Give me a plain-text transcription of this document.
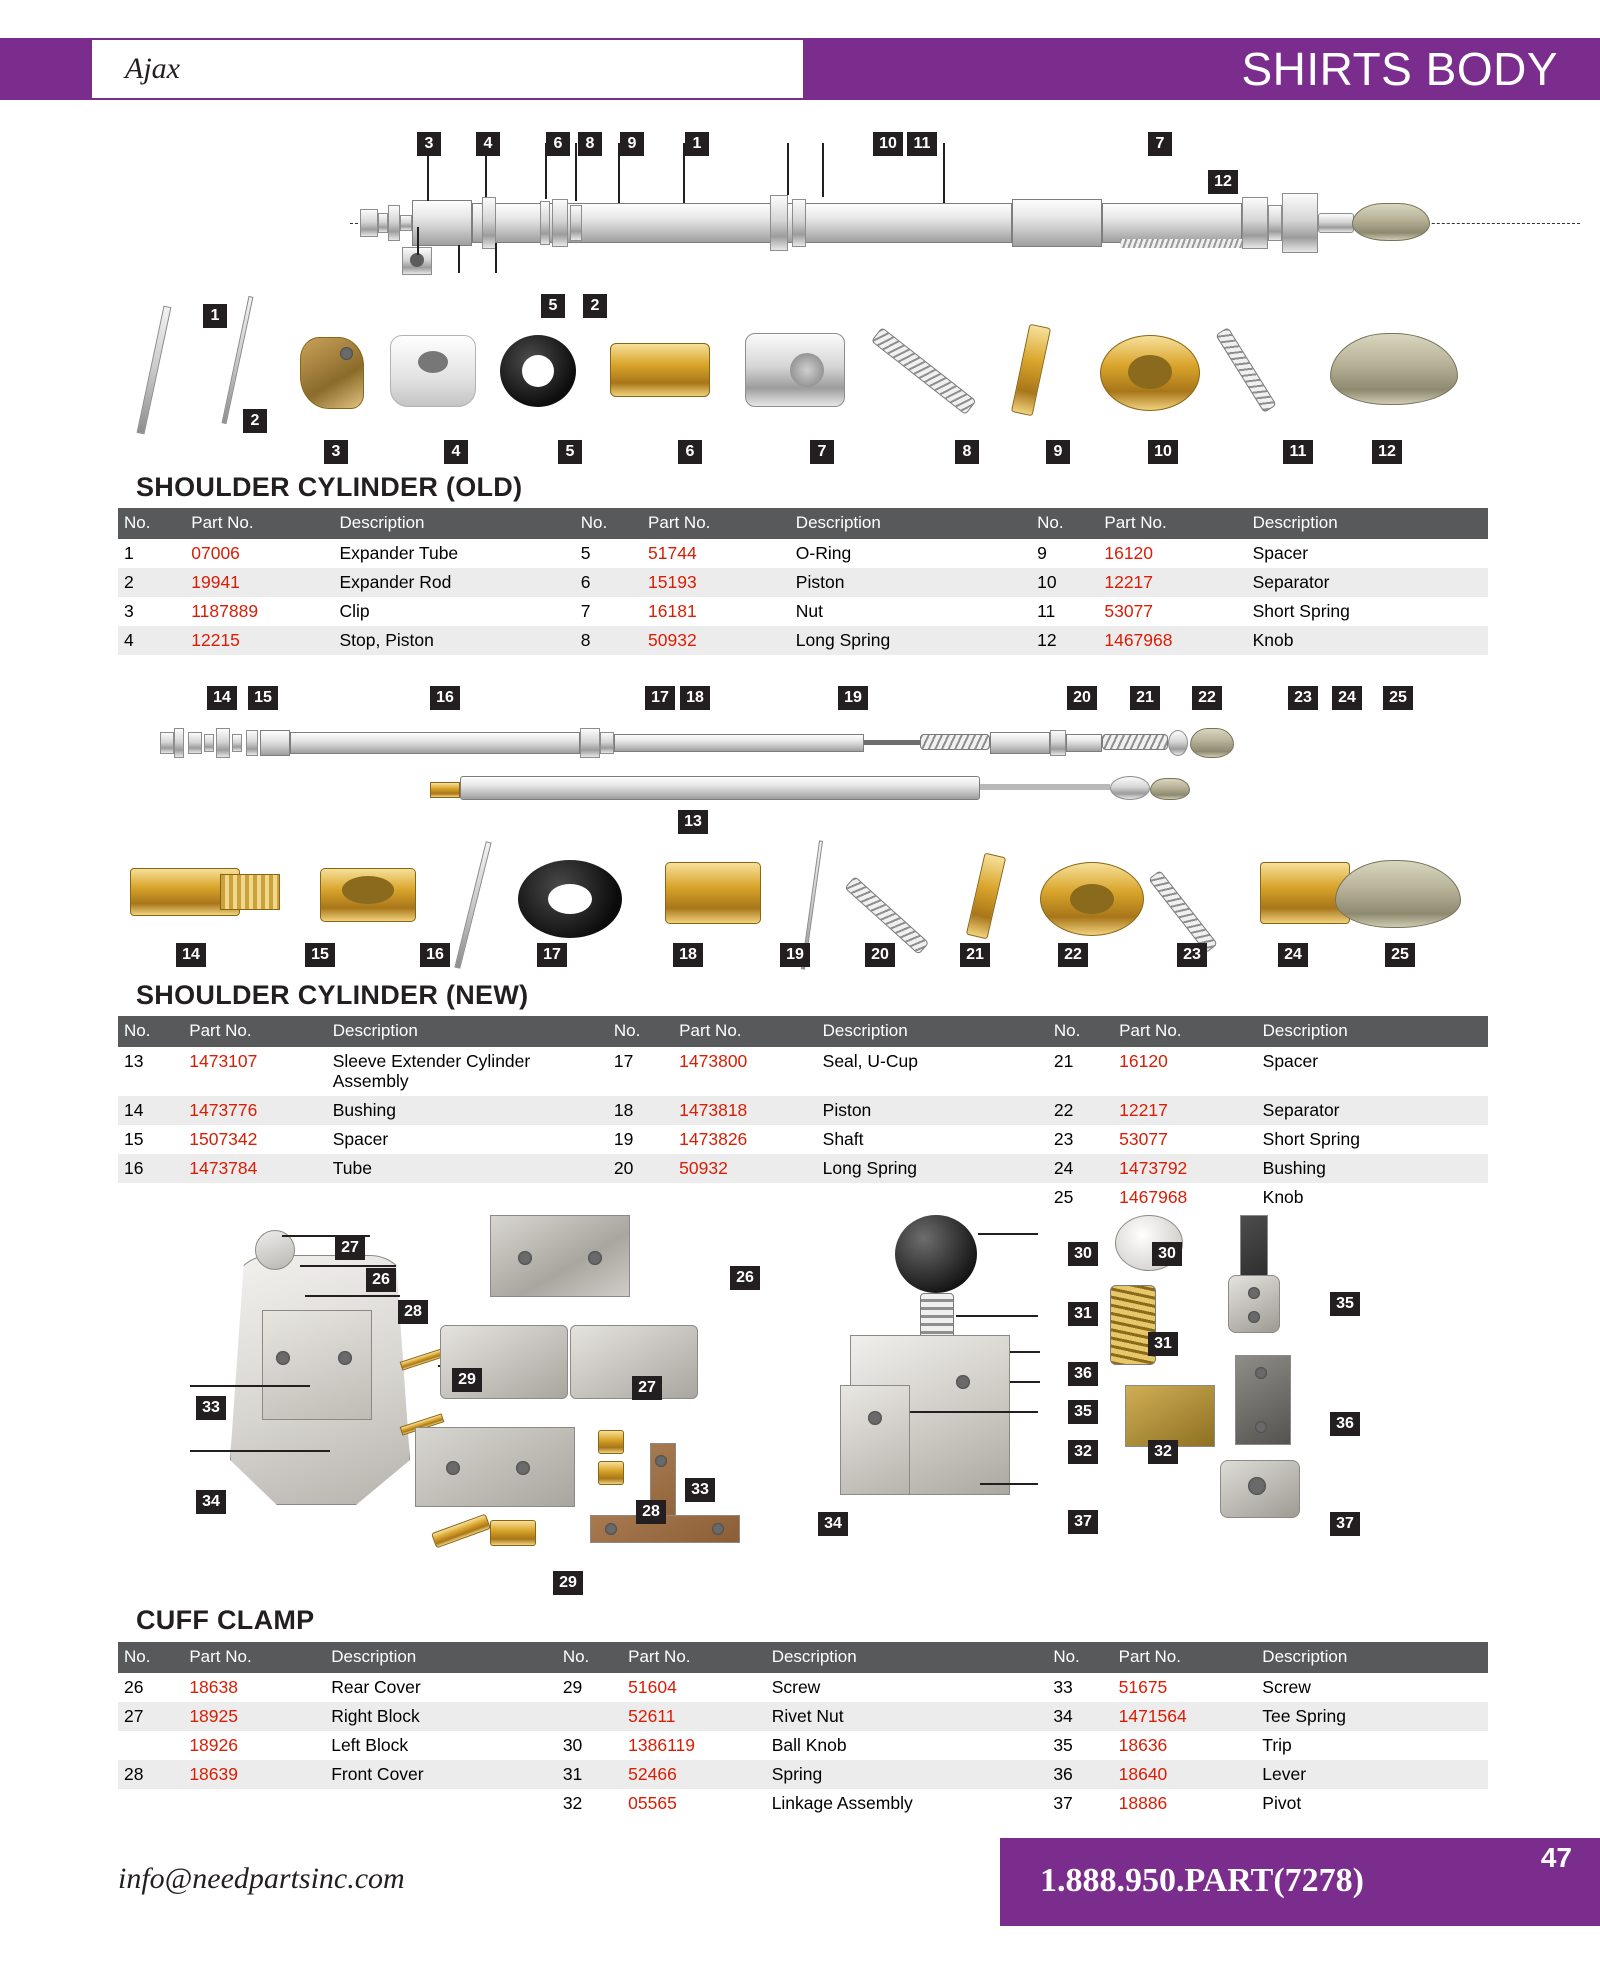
Ajax	SHIRTS BODY
3	4	6	8	9	1	10	11	7
12
5	2
1
2
3	4	5	6	7	8	9	10	11	12
SHOULDER CYLINDER (OLD)
No.	Part No.	Description	No.	Part No.	Description	No.	Part No.	Description
1	07006	Expander Tube	5	51744	O-Ring	9	16120	Spacer
2	19941	Expander Rod	6	15193	Piston	10	12217	Separator
3	1187889	Clip	7	16181	Nut	11	53077	Short Spring
4	12215	Stop, Piston	8	50932	Long Spring	12	1467968	Knob
14	15	16	17	18	19	20	21	22	23	24	25
13
14	15	16	17	18	19	20	21	22	23	24	25
SHOULDER CYLINDER (NEW)
No.	Part No.	Description	No.	Part No.	Description	No.	Part No.	Description
13	1473107	Sleeve Extender Cylinder Assembly	17	1473800	Seal, U-Cup	21	16120	Spacer
14	1473776	Bushing	18	1473818	Piston	22	12217	Separator
15	1507342	Spacer	19	1473826	Shaft	23	53077	Short Spring
16	1473784	Tube	20	50932	Long Spring	24	1473792	Bushing
						25	1467968	Knob
27
26
28
29
33
34
26
27
28
33
34
29
30
31
36
35
32
37
30
35
31
36
32
37
CUFF CLAMP
No.	Part No.	Description	No.	Part No.	Description	No.	Part No.	Description
26	18638	Rear Cover	29	51604	Screw	33	51675	Screw
27	18925	Right Block		52611	Rivet Nut	34	1471564	Tee Spring
	18926	Left Block	30	1386119	Ball Knob	35	18636	Trip
28	18639	Front Cover	31	52466	Spring	36	18640	Lever
			32	05565	Linkage Assembly	37	18886	Pivot
info@needpartsinc.com	1.888.950.PART(7278)
47
